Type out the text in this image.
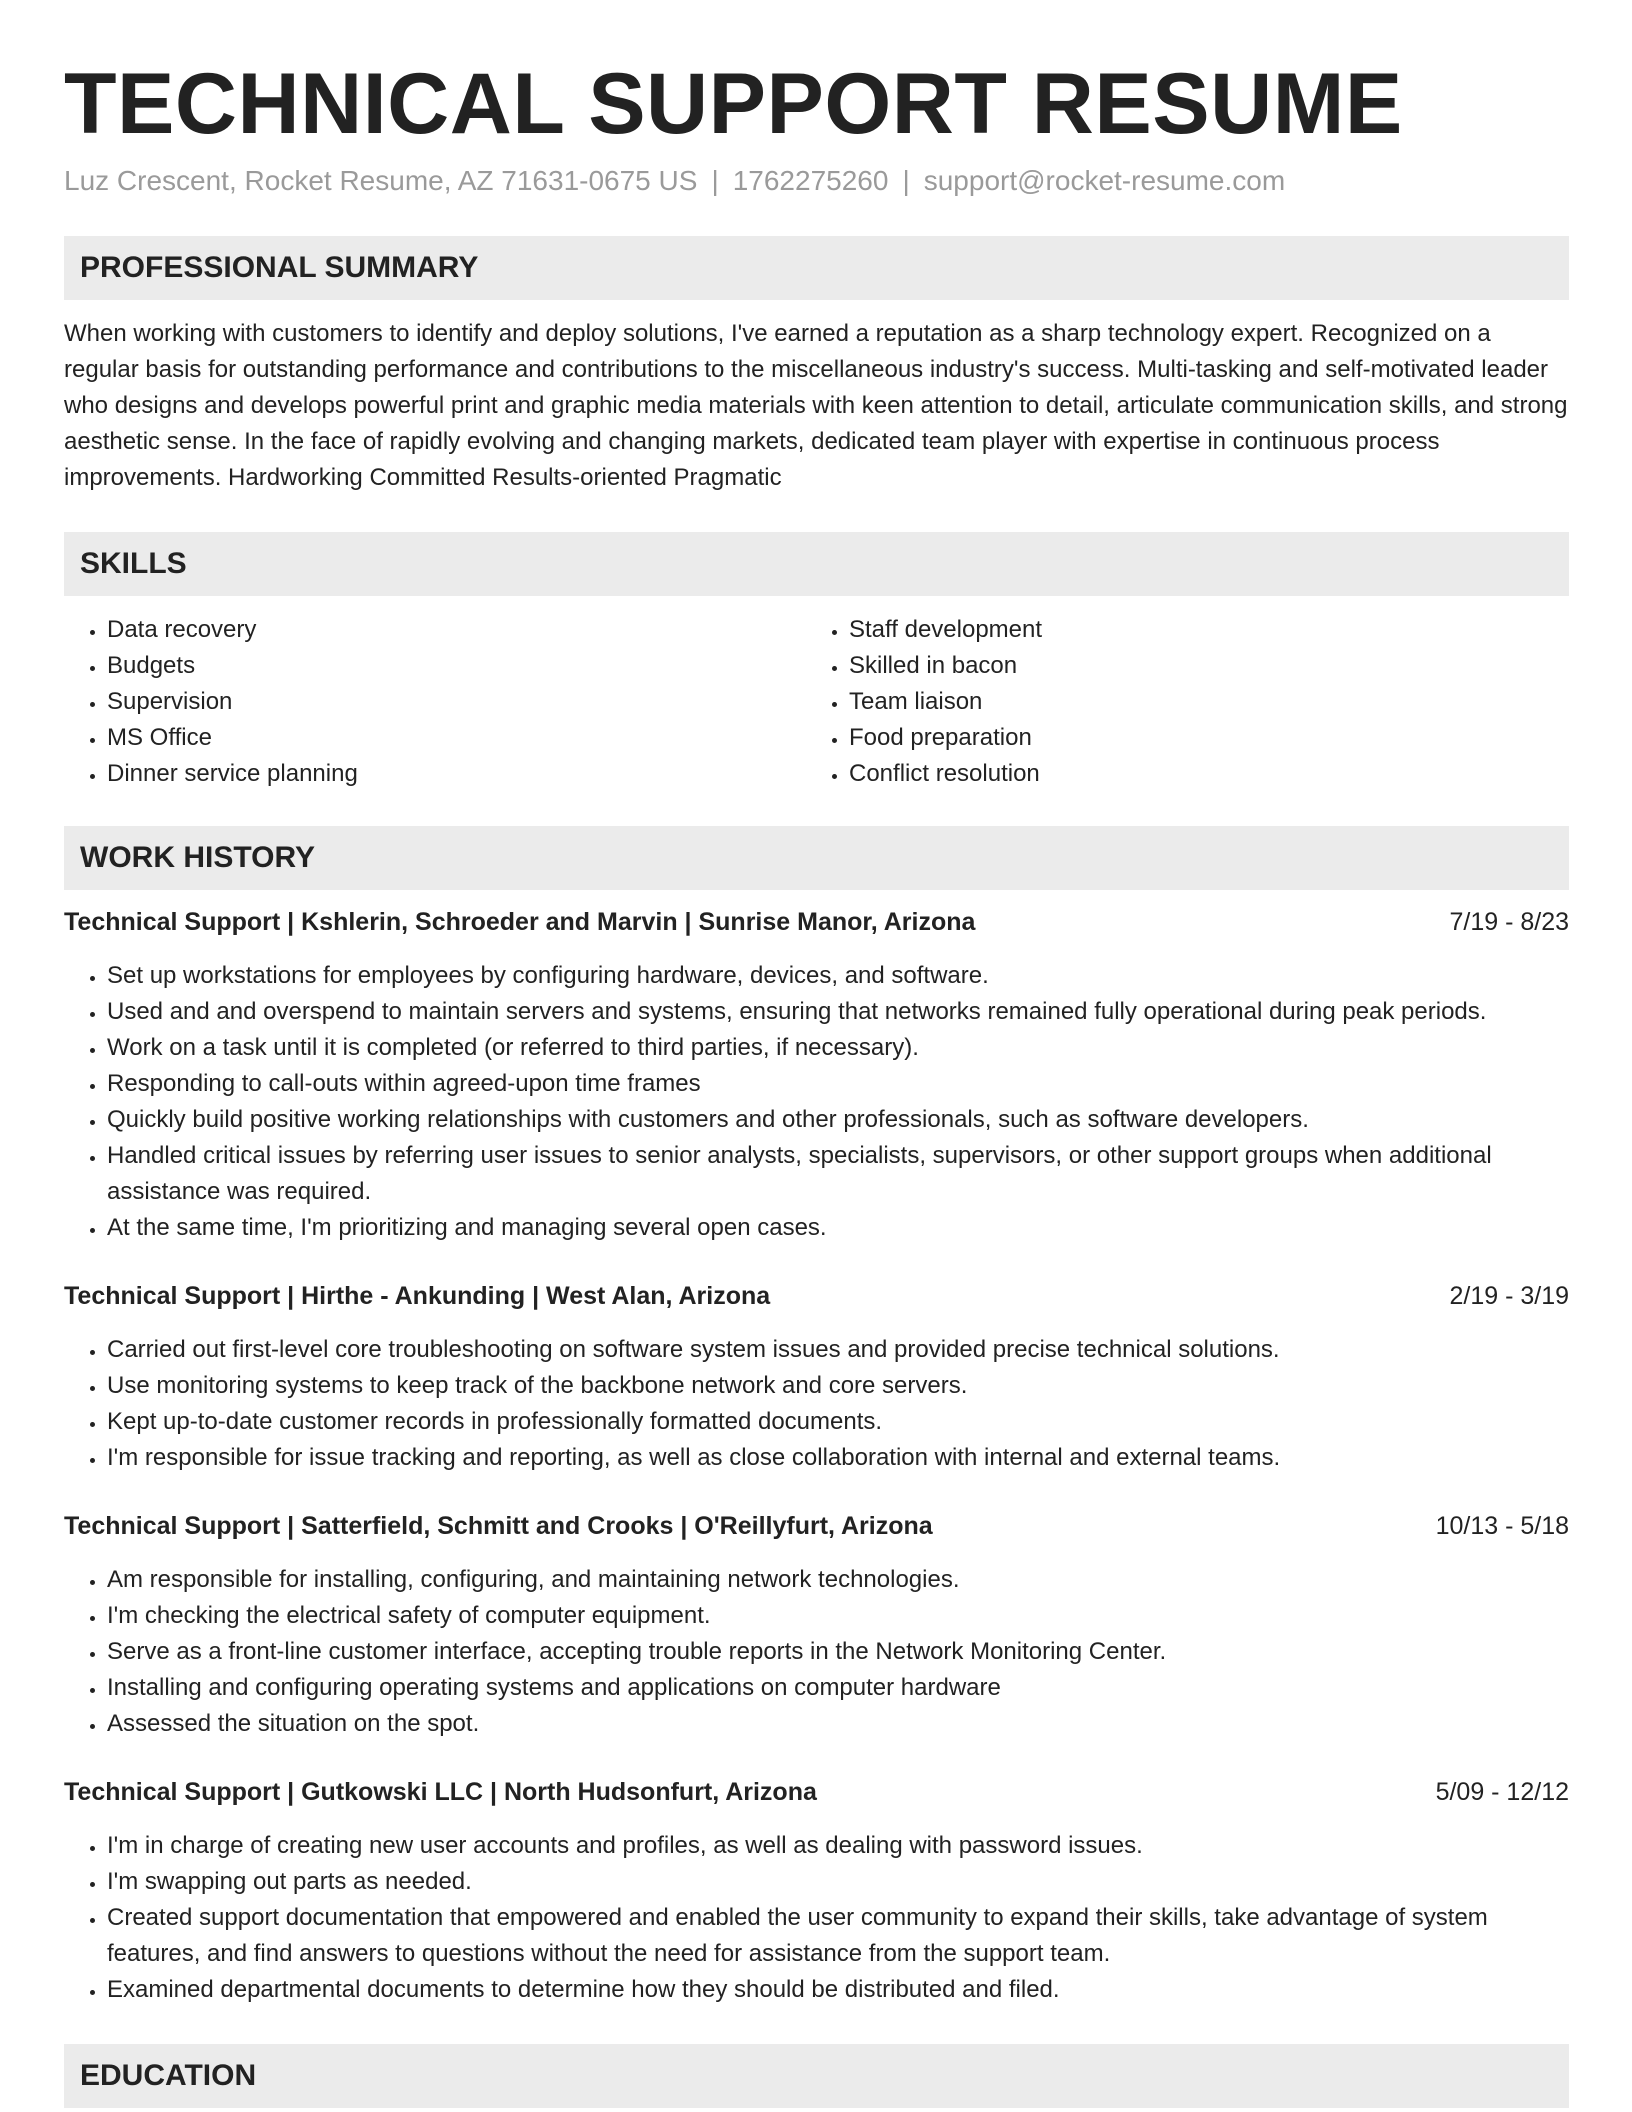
TECHNICAL SUPPORT RESUME
Luz Crescent, Rocket Resume, AZ 71631-0675 US | 1762275260 | support@rocket-resume.com
PROFESSIONAL SUMMARY

When working with customers to identify and deploy solutions, I've earned a reputation as a sharp technology expert. Recognized on a regular basis for outstanding performance and contributions to the miscellaneous industry's success. Multi-tasking and self-motivated leader who designs and develops powerful print and graphic media materials with keen attention to detail, articulate communication skills, and strong aesthetic sense. In the face of rapidly evolving and changing markets, dedicated team player with expertise in continuous process improvements. Hardworking Committed Results-oriented Pragmatic

SKILLS
• Data recovery
• Budgets
• Supervision
• MS Office
• Dinner service planning
• Staff development
• Skilled in bacon
• Team liaison
• Food preparation
• Conflict resolution
WORK HISTORY
Technical Support | Kshlerin, Schroeder and Marvin | Sunrise Manor, Arizona	7/19 - 8/23
• Set up workstations for employees by configuring hardware, devices, and software.
• Used and and overspend to maintain servers and systems, ensuring that networks remained fully operational during peak periods.
• Work on a task until it is completed (or referred to third parties, if necessary).
• Responding to call-outs within agreed-upon time frames
• Quickly build positive working relationships with customers and other professionals, such as software developers.
• Handled critical issues by referring user issues to senior analysts, specialists, supervisors, or other support groups when additional assistance was required.
• At the same time, I'm prioritizing and managing several open cases.
Technical Support | Hirthe - Ankunding | West Alan, Arizona	2/19 - 3/19
• Carried out first-level core troubleshooting on software system issues and provided precise technical solutions.
• Use monitoring systems to keep track of the backbone network and core servers.
• Kept up-to-date customer records in professionally formatted documents.
• I'm responsible for issue tracking and reporting, as well as close collaboration with internal and external teams.
Technical Support | Satterfield, Schmitt and Crooks | O'Reillyfurt, Arizona	10/13 - 5/18
• Am responsible for installing, configuring, and maintaining network technologies.
• I'm checking the electrical safety of computer equipment.
• Serve as a front-line customer interface, accepting trouble reports in the Network Monitoring Center.
• Installing and configuring operating systems and applications on computer hardware
• Assessed the situation on the spot.
Technical Support | Gutkowski LLC | North Hudsonfurt, Arizona	5/09 - 12/12
• I'm in charge of creating new user accounts and profiles, as well as dealing with password issues.
• I'm swapping out parts as needed.
• Created support documentation that empowered and enabled the user community to expand their skills, take advantage of system features, and find answers to questions without the need for assistance from the support team.
• Examined departmental documents to determine how they should be distributed and filed.
EDUCATION
